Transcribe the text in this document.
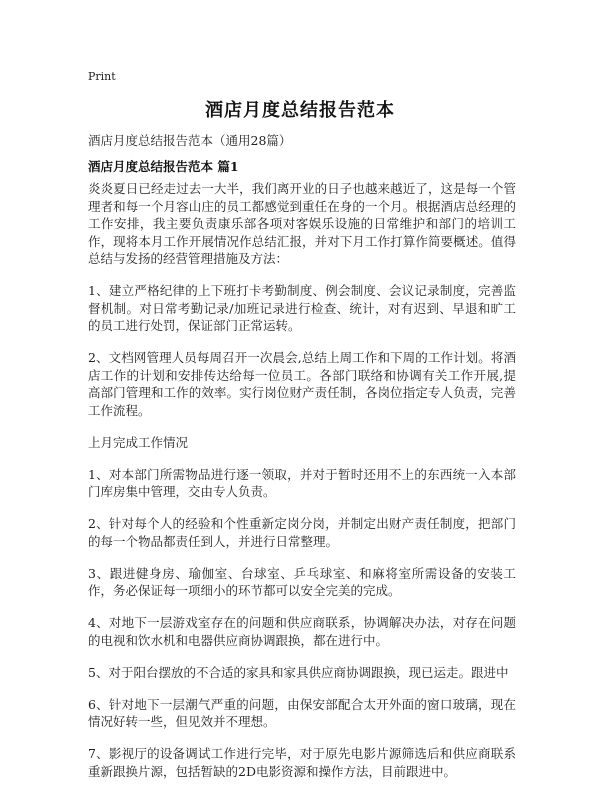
Print
酒店月度总结报告范本
酒店月度总结报告范本（通用28篇）
酒店月度总结报告范本 篇1

炎炎夏日已经走过去一大半，我们离开业的日子也越来越近了，这是每一个管理者和每一个月容山庄的员工都感觉到重任在身的一个月。根据酒店总经理的工作安排，我主要负责康乐部各项对客娱乐设施的日常维护和部门的培训工作，现将本月工作开展情况作总结汇报，并对下月工作打算作简要概述。值得总结与发扬的经营管理措施及方法：

1、建立严格纪律的上下班打卡考勤制度、例会制度、会议记录制度，完善监督机制。对日常考勤记录/加班记录进行检查、统计，对有迟到、早退和旷工的员工进行处罚，保证部门正常运转。

2、文档网管理人员每周召开一次晨会,总结上周工作和下周的工作计划。将酒店工作的计划和安排传达给每一位员工。各部门联络和协调有关工作开展,提高部门管理和工作的效率。实行岗位财产责任制，各岗位指定专人负责，完善工作流程。

上月完成工作情况

1、对本部门所需物品进行逐一领取，并对于暂时还用不上的东西统一入本部门库房集中管理，交由专人负责。

2、针对每个人的经验和个性重新定岗分岗，并制定出财产责任制度，把部门的每一个物品都责任到人，并进行日常整理。

3、跟进健身房、瑜伽室、台球室、乒乓球室、和麻将室所需设备的安装工作，务必保证每一项细小的环节都可以安全完美的完成。

4、对地下一层游戏室存在的问题和供应商联系，协调解决办法，对存在问题的电视和饮水机和电器供应商协调跟换，都在进行中。

5、对于阳台摆放的不合适的家具和家具供应商协调跟换，现已运走。跟进中

6、针对地下一层潮气严重的问题，由保安部配合太开外面的窗口玻璃，现在情况好转一些，但见效并不理想。

7、影视厅的设备调试工作进行完毕，对于原先电影片源筛选后和供应商联系重新跟换片源，包括暂缺的2D电影资源和操作方法，目前跟进中。
